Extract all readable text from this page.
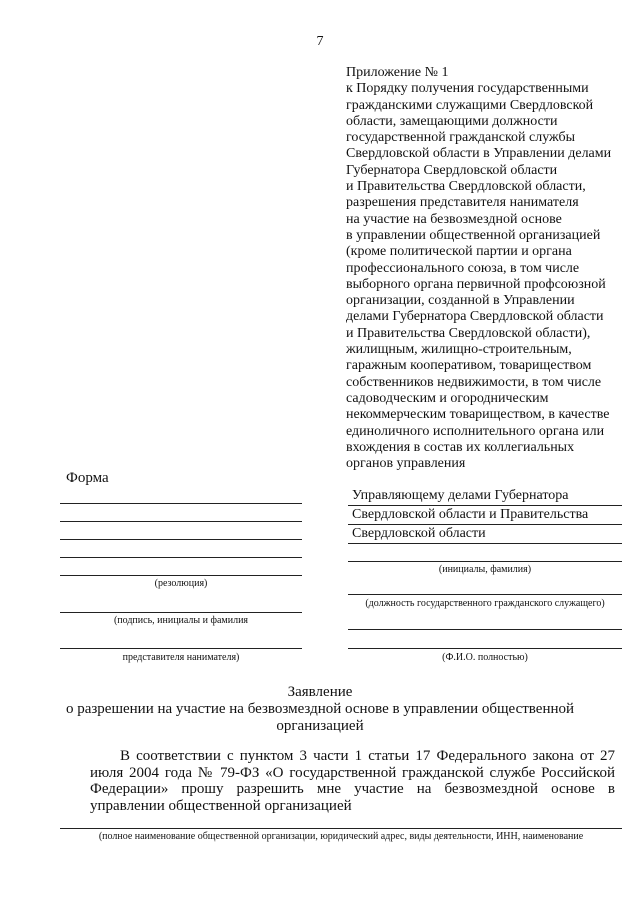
7
Приложение № 1
к Порядку получения государственными
гражданскими служащими Свердловской
области, замещающими должности
государственной гражданской службы
Свердловской области в Управлении делами
Губернатора Свердловской области
и Правительства Свердловской области,
разрешения представителя нанимателя
на участие на безвозмездной основе
в управлении общественной организацией
(кроме политической партии и органа
профессионального союза, в том числе
выборного органа первичной профсоюзной
организации, созданной в Управлении
делами Губернатора Свердловской области
и Правительства Свердловской области),
жилищным, жилищно-строительным,
гаражным кооперативом, товариществом
собственников недвижимости, в том числе
садоводческим и огородническим
некоммерческим товариществом, в качестве
единоличного исполнительного органа или
вхождения в состав их коллегиальных
органов управления
Форма
(резолюция)
(подпись, инициалы и фамилия
представителя нанимателя)
Управляющему делами Губернатора
Свердловской области и Правительства
Свердловской области
(инициалы, фамилия)
(должность государственного гражданского служащего)
(Ф.И.О. полностью)
Заявление
о разрешении на участие на безвозмездной основе в управлении общественной
организацией

В соответствии с пунктом 3 части 1 статьи 17 Федерального закона от 27 июля 2004 года № 79-ФЗ «О государственной гражданской службе Российской Федерации» прошу разрешить мне участие на безвозмездной основе в управлении общественной организацией

(полное наименование общественной организации, юридический адрес, виды деятельности, ИНН, наименование
